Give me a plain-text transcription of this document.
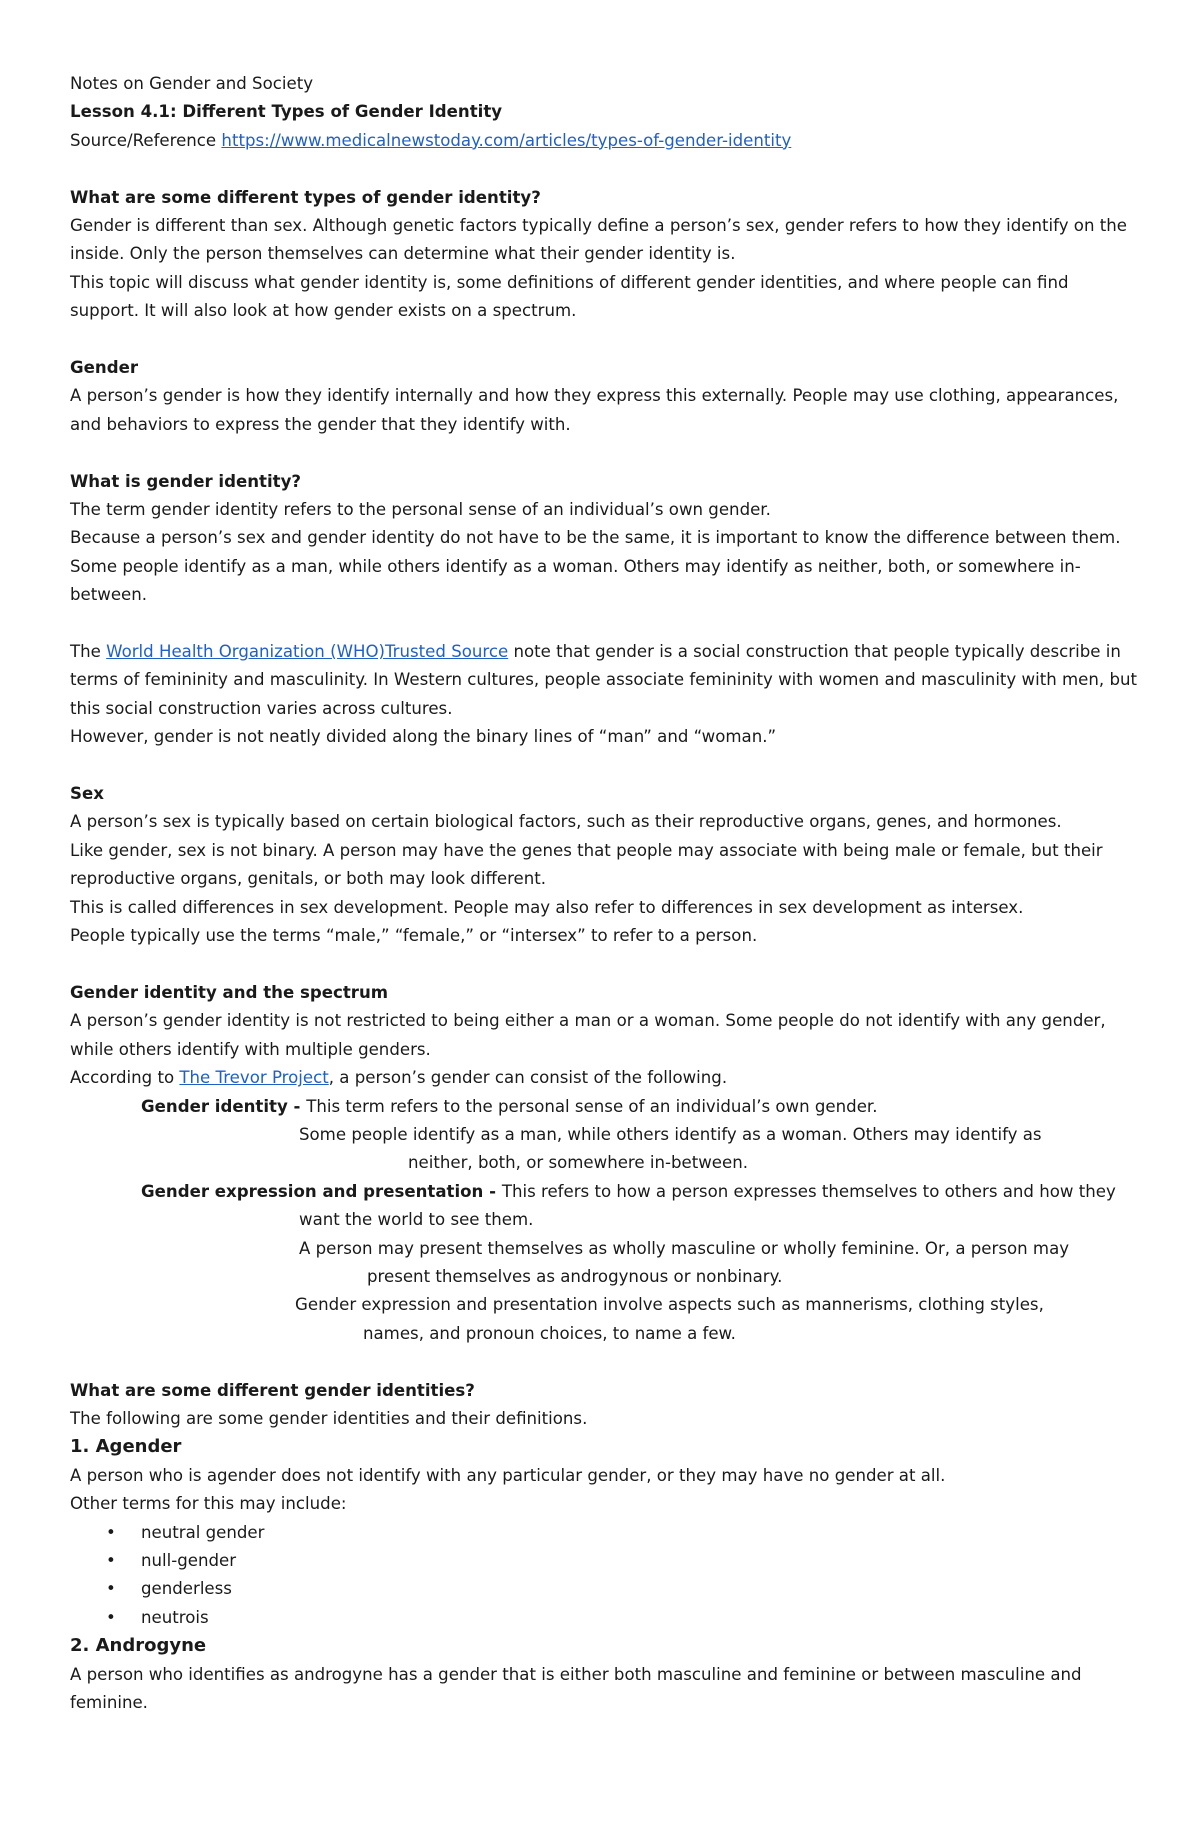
Notes on Gender and Society

Lesson 4.1: Different Types of Gender Identity

Source/Reference https://www.medicalnewstoday.com/articles/types-of-gender-identity

What are some different types of gender identity?

Gender is different than sex. Although genetic factors typically define a person’s sex, gender refers to how they identify on the inside. Only the person themselves can determine what their gender identity is.

This topic will discuss what gender identity is, some definitions of different gender identities, and where people can find support. It will also look at how gender exists on a spectrum.

Gender

A person’s gender is how they identify internally and how they express this externally. People may use clothing, appearances, and behaviors to express the gender that they identify with.

What is gender identity?

The term gender identity refers to the personal sense of an individual’s own gender.

Because a person’s sex and gender identity do not have to be the same, it is important to know the difference between them. Some people identify as a man, while others identify as a woman. Others may identify as neither, both, or somewhere in-between.

The World Health Organization (WHO)Trusted Source note that gender is a social construction that people typically describe in terms of femininity and masculinity. In Western cultures, people associate femininity with women and masculinity with men, but this social construction varies across cultures.

However, gender is not neatly divided along the binary lines of “man” and “woman.”

Sex

A person’s sex is typically based on certain biological factors, such as their reproductive organs, genes, and hormones.

Like gender, sex is not binary. A person may have the genes that people may associate with being male or female, but their reproductive organs, genitals, or both may look different.

This is called differences in sex development. People may also refer to differences in sex development as intersex.

People typically use the terms “male,” “female,” or “intersex” to refer to a person.

Gender identity and the spectrum

A person’s gender identity is not restricted to being either a man or a woman. Some people do not identify with any gender, while others identify with multiple genders.

According to The Trevor Project, a person’s gender can consist of the following.

Gender identity - This term refers to the personal sense of an individual’s own gender.

Some people identify as a man, while others identify as a woman. Others may identify as

neither, both, or somewhere in-between.

Gender expression and presentation - This refers to how a person expresses themselves to others and how they

want the world to see them.

A person may present themselves as wholly masculine or wholly feminine. Or, a person may

present themselves as androgynous or nonbinary.

Gender expression and presentation involve aspects such as mannerisms, clothing styles,

names, and pronoun choices, to name a few.

What are some different gender identities?

The following are some gender identities and their definitions.

1. Agender

A person who is agender does not identify with any particular gender, or they may have no gender at all.

Other terms for this may include:

• neutral gender
• null-gender
• genderless
• neutrois

2. Androgyne

A person who identifies as androgyne has a gender that is either both masculine and feminine or between masculine and feminine.
